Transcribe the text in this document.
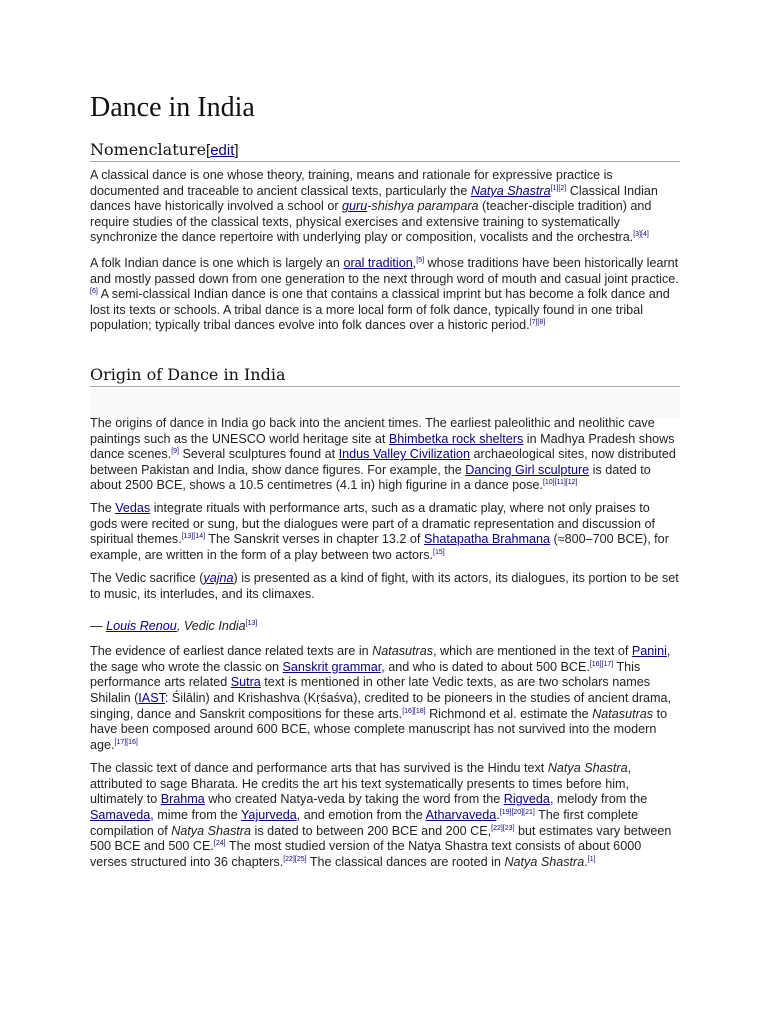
Dance in India
Nomenclature[edit]

A classical dance is one whose theory, training, means and rationale for expressive practice is documented and traceable to ancient classical texts, particularly the Natya Shastra[1][2] Classical Indian dances have historically involved a school or guru-shishya parampara (teacher-disciple tradition) and require studies of the classical texts, physical exercises and extensive training to systematically synchronize the dance repertoire with underlying play or composition, vocalists and the orchestra.[3][4]

A folk Indian dance is one which is largely an oral tradition,[5] whose traditions have been historically learnt and mostly passed down from one generation to the next through word of mouth and casual joint practice.[6] A semi-classical Indian dance is one that contains a classical imprint but has become a folk dance and lost its texts or schools. A tribal dance is a more local form of folk dance, typically found in one tribal population; typically tribal dances evolve into folk dances over a historic period.[7][8]

Origin of Dance in India

The origins of dance in India go back into the ancient times. The earliest paleolithic and neolithic cave paintings such as the UNESCO world heritage site at Bhimbetka rock shelters in Madhya Pradesh shows dance scenes.[9] Several sculptures found at Indus Valley Civilization archaeological sites, now distributed between Pakistan and India, show dance figures. For example, the Dancing Girl sculpture is dated to about 2500 BCE, shows a 10.5 centimetres (4.1 in) high figurine in a dance pose.[10][11][12]

The Vedas integrate rituals with performance arts, such as a dramatic play, where not only praises to gods were recited or sung, but the dialogues were part of a dramatic representation and discussion of spiritual themes.[13][14] The Sanskrit verses in chapter 13.2 of Shatapatha Brahmana (≈800–700 BCE), for example, are written in the form of a play between two actors.[15]

The Vedic sacrifice (yajna) is presented as a kind of fight, with its actors, its dialogues, its portion to be set to music, its interludes, and its climaxes.

— Louis Renou, Vedic India[13]

The evidence of earliest dance related texts are in Natasutras, which are mentioned in the text of Panini, the sage who wrote the classic on Sanskrit grammar, and who is dated to about 500 BCE.[16][17] This performance arts related Sutra text is mentioned in other late Vedic texts, as are two scholars names Shilalin (IAST: Śilālin) and Krishashva (Kṛśaśva), credited to be pioneers in the studies of ancient drama, singing, dance and Sanskrit compositions for these arts.[16][18] Richmond et al. estimate the Natasutras to have been composed around 600 BCE, whose complete manuscript has not survived into the modern age.[17][16]

The classic text of dance and performance arts that has survived is the Hindu text Natya Shastra, attributed to sage Bharata. He credits the art his text systematically presents to times before him, ultimately to Brahma who created Natya-veda by taking the word from the Rigveda, melody from the Samaveda, mime from the Yajurveda, and emotion from the Atharvaveda.[19][20][21] The first complete compilation of Natya Shastra is dated to between 200 BCE and 200 CE,[22][23] but estimates vary between 500 BCE and 500 CE.[24] The most studied version of the Natya Shastra text consists of about 6000 verses structured into 36 chapters.[22][25] The classical dances are rooted in Natya Shastra.[1]
